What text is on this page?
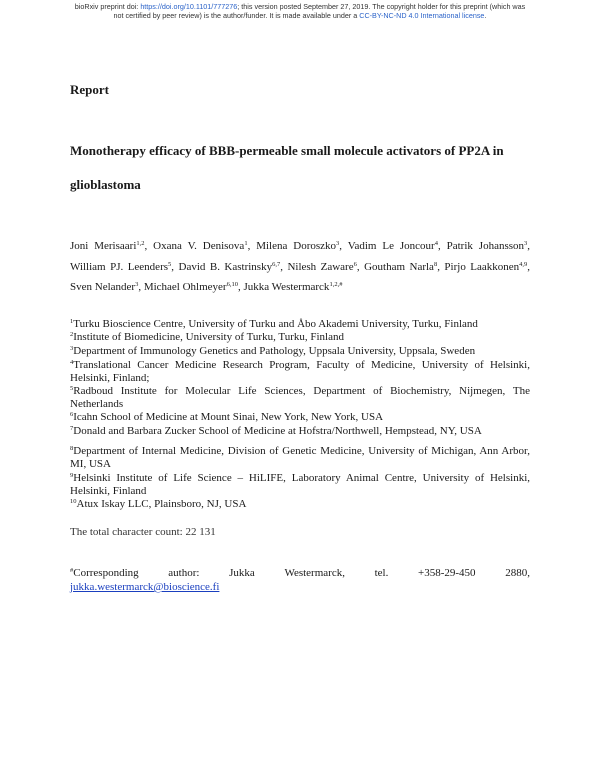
bioRxiv preprint doi: https://doi.org/10.1101/777276; this version posted September 27, 2019. The copyright holder for this preprint (which was
not certified by peer review) is the author/funder. It is made available under a CC-BY-NC-ND 4.0 International license.
Report
Monotherapy efficacy of BBB-permeable small molecule activators of PP2A in
glioblastoma
Joni Merisaari$^{1,2}$, Oxana V. Denisova$^1$, Milena Doroszko$^3$, Vadim Le Joncour$^4$, Patrik Johansson$^3$, William PJ. Leenders$^5$, David B. Kastrinsky$^{6,7}$, Nilesh Zaware$^6$, Goutham Narla$^8$, Pirjo Laakkonen$^{4,9}$, Sven Nelander$^3$, Michael Ohlmeyer$^{6,10}$, Jukka Westermarck$^{1,2,\#}$
$^1$Turku Bioscience Centre, University of Turku and Åbo Akademi University, Turku, Finland
$^2$Institute of Biomedicine, University of Turku, Turku, Finland
$^3$Department of Immunology Genetics and Pathology, Uppsala University, Uppsala, Sweden
$^4$Translational Cancer Medicine Research Program, Faculty of Medicine, University of Helsinki, Helsinki, Finland;
$^5$Radboud Institute for Molecular Life Sciences, Department of Biochemistry, Nijmegen, The Netherlands
$^6$Icahn School of Medicine at Mount Sinai, New York, New York, USA
$^7$Donald and Barbara Zucker School of Medicine at Hofstra/Northwell, Hempstead, NY, USA
$^8$Department of Internal Medicine, Division of Genetic Medicine, University of Michigan, Ann Arbor, MI, USA
$^9$Helsinki Institute of Life Science – HiLIFE, Laboratory Animal Centre, University of Helsinki, Helsinki, Finland
$^{10}$Atux Iskay LLC, Plainsboro, NJ, USA
The total character count: 22 131
#Corresponding	author:	Jukka	Westermarck,	tel.	+358-29-450	2880,
jukka.westermarck@bioscience.fi
